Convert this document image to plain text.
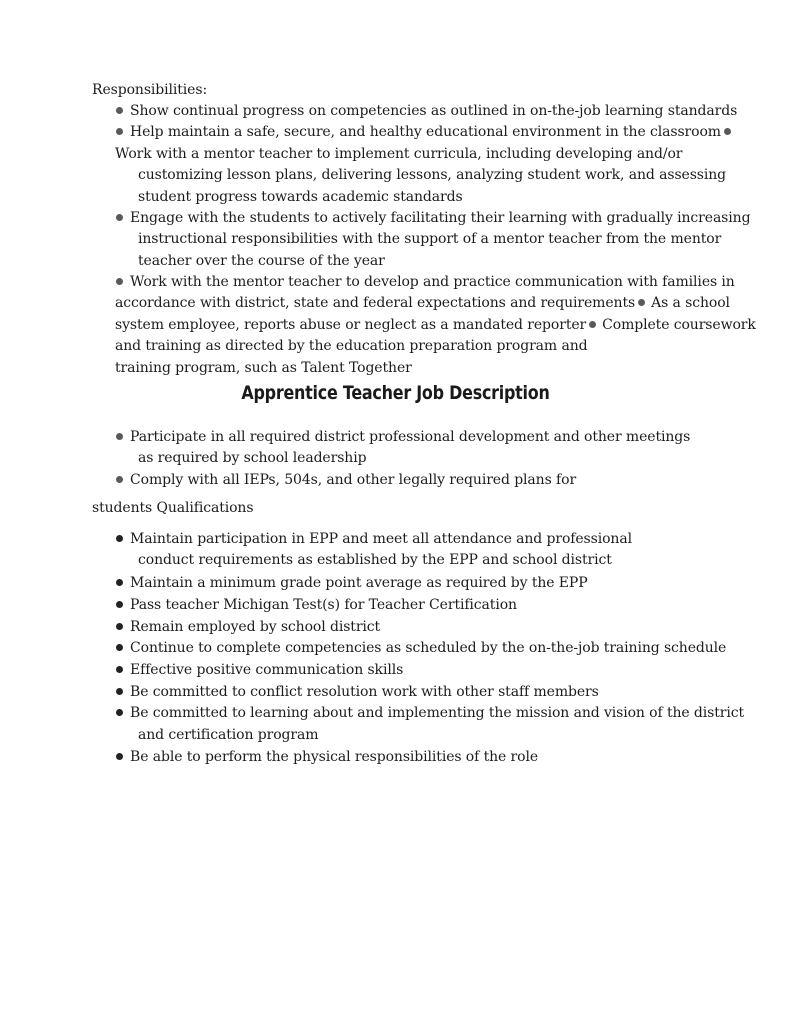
Responsibilities:
Show continual progress on competencies as outlined in on-the-job learning standards
Help maintain a safe, secure, and healthy educational environment in the classroom
Work with a mentor teacher to implement curricula, including developing and/or
customizing lesson plans, delivering lessons, analyzing student work, and assessing
student progress towards academic standards
Engage with the students to actively facilitating their learning with gradually increasing
instructional responsibilities with the support of a mentor teacher from the mentor
teacher over the course of the year
Work with the mentor teacher to develop and practice communication with families in
accordance with district, state and federal expectations and requirements As a school
system employee, reports abuse or neglect as a mandated reporter Complete coursework
and training as directed by the education preparation program and
training program, such as Talent Together
Apprentice Teacher Job Description
Participate in all required district professional development and other meetings
as required by school leadership
Comply with all IEPs, 504s, and other legally required plans for
students Qualifications
Maintain participation in EPP and meet all attendance and professional
conduct requirements as established by the EPP and school district
Maintain a minimum grade point average as required by the EPP
Pass teacher Michigan Test(s) for Teacher Certification
Remain employed by school district
Continue to complete competencies as scheduled by the on-the-job training schedule
Effective positive communication skills
Be committed to conflict resolution work with other staff members
Be committed to learning about and implementing the mission and vision of the district
and certification program
Be able to perform the physical responsibilities of the role
